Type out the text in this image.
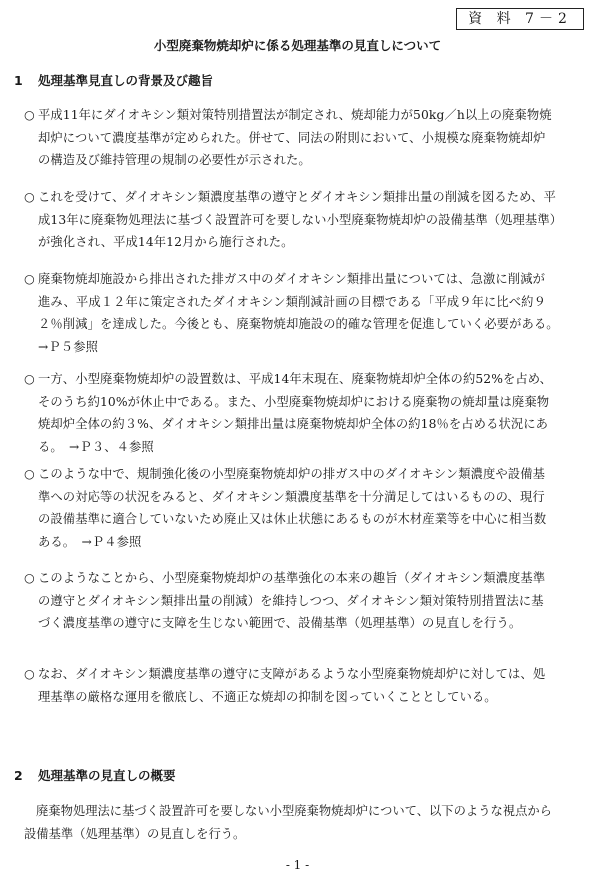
資 料 7－2
小型廃棄物焼却炉に係る処理基準の見直しについて
1 処理基準見直しの背景及び趣旨
○ 平成11年にダイオキシン類対策特別措置法が制定され、焼却能力が50kg／h以上の廃棄物焼却炉について濃度基準が定められた。併せて、同法の附則において、小規模な廃棄物焼却炉の構造及び維持管理の規制の必要性が示された。
○ これを受けて、ダイオキシン類濃度基準の遵守とダイオキシン類排出量の削減を図るため、平成13年に廃棄物処理法に基づく設置許可を要しない小型廃棄物焼却炉の設備基準（処理基準）が強化され、平成14年12月から施行された。
○ 廃棄物焼却施設から排出された排ガス中のダイオキシン類排出量については、急激に削減が進み、平成１２年に策定されたダイオキシン類削減計画の目標である「平成９年に比べ約９２％削減」を達成した。今後とも、廃棄物焼却施設の的確な管理を促進していく必要がある。　→Ｐ５参照
○ 一方、小型廃棄物焼却炉の設置数は、平成14年末現在、廃棄物焼却炉全体の約52%を占め、そのうち約10%が休止中である。また、小型廃棄物焼却炉における廃棄物の焼却量は廃棄物焼却炉全体の約３%、ダイオキシン類排出量は廃棄物焼却炉全体の約18％を占める状況にある。　→Ｐ３、４参照
○ このような中で、規制強化後の小型廃棄物焼却炉の排ガス中のダイオキシン類濃度や設備基準への対応等の状況をみると、ダイオキシン類濃度基準を十分満足してはいるものの、現行の設備基準に適合していないため廃止又は休止状態にあるものが木材産業等を中心に相当数ある。　→Ｐ４参照
○ このようなことから、小型廃棄物焼却炉の基準強化の本来の趣旨（ダイオキシン類濃度基準の遵守とダイオキシン類排出量の削減）を維持しつつ、ダイオキシン類対策特別措置法に基づく濃度基準の遵守に支障を生じない範囲で、設備基準（処理基準）の見直しを行う。
○ なお、ダイオキシン類濃度基準の遵守に支障があるような小型廃棄物焼却炉に対しては、処理基準の厳格な運用を徹底し、不適正な焼却の抑制を図っていくこととしている。
2 処理基準の見直しの概要
廃棄物処理法に基づく設置許可を要しない小型廃棄物焼却炉について、以下のような視点から設備基準（処理基準）の見直しを行う。
- 1 -
